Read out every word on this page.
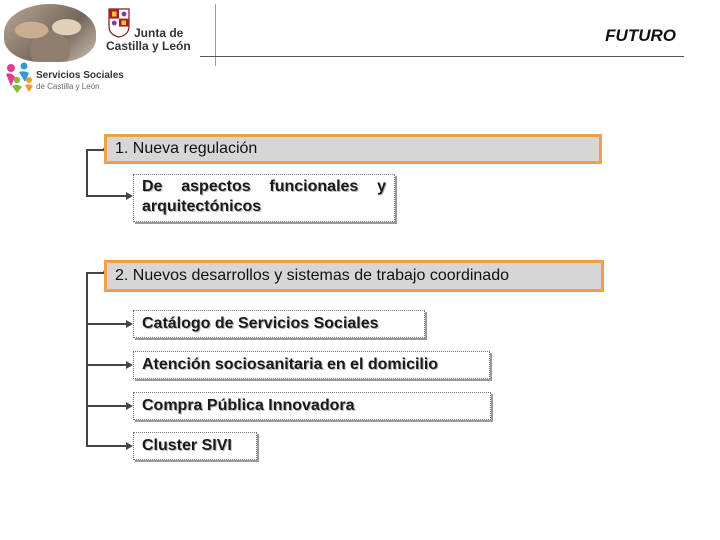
Junta de
Castilla y León
Servicios Sociales
de Castilla y León
FUTURO
1. Nueva regulación
De aspectos funcionales y arquitectónicos
2. Nuevos desarrollos y sistemas de trabajo coordinado
Catálogo de Servicios Sociales
Atención sociosanitaria en el domicilio
Compra Pública Innovadora
Cluster SIVI
